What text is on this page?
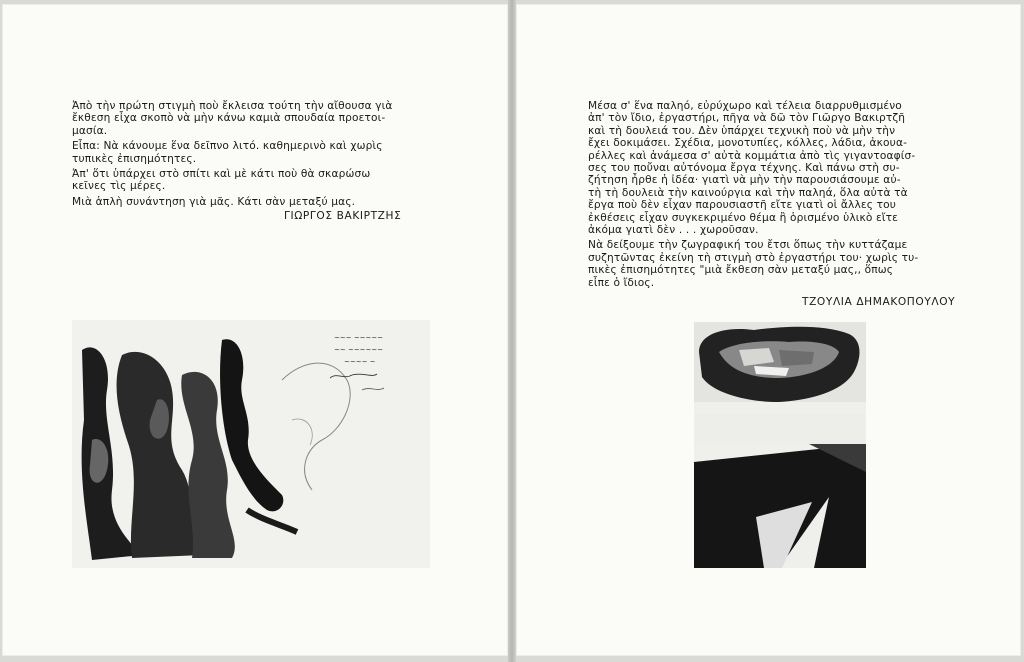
Ἀπὸ τὴν πρώτη στιγμὴ ποὺ ἔκλεισα τούτη τὴν αἴθουσα γιὰ
ἔκθεση εἶχα σκοπὸ νὰ μὴν κάνω καμιὰ σπουδαία προετοι-
μασία.

Εἶπα: Νὰ κάνουμε ἕνα δεῖπνο λιτό. καθημερινὸ καὶ χωρὶς
τυπικὲς ἐπισημότητες.

Ἀπ' ὅτι ὑπάρχει στὸ σπίτι καὶ μὲ κάτι ποὺ θὰ σκαρώσω
κεῖνες τὶς μέρες.

Μιὰ ἁπλὴ συνάντηση γιὰ μᾶς. Κάτι σὰν μεταξύ μας.

ΓΙΩΡΓΟΣ ΒΑΚΙΡΤΖΗΣ
~~~ ~~~~~
~~ ~~~~~~
~~~~ ~

Μέσα σ' ἕνα παληό, εὐρύχωρο καὶ τέλεια διαρρυθμισμένο
ἀπ' τὸν ἴδιο, ἐργαστήρι, πῆγα νὰ δῶ τὸν Γιῶργο Βακιρτζῆ
καὶ τὴ δουλειά του. Δὲν ὑπάρχει τεχνικὴ ποὺ νὰ μὴν τὴν
ἔχει δοκιμάσει. Σχέδια, μονοτυπίες, κόλλες, λάδια, ἀκουα-
ρέλλες καὶ ἀνάμεσα σ' αὐτὰ κομμάτια ἀπὸ τὶς γιγαντοαφίσ-
σες του ποὔναι αὐτόνομα ἔργα τέχνης. Καὶ πάνω στὴ συ-
ζήτηση ἦρθε ἡ ἰδέα· γιατὶ νὰ μὴν τὴν παρουσιάσουμε αὐ-
τὴ τὴ δουλειὰ τὴν καινούργια καὶ τὴν παληά, ὅλα αὐτὰ τὰ
ἔργα ποὺ δὲν εἶχαν παρουσιαστῆ εἴτε γιατὶ οἱ ἄλλες του
ἐκθέσεις εἶχαν συγκεκριμένο θέμα ἢ ὁρισμένο ὑλικὸ εἴτε
ἀκόμα γιατὶ δὲν . . . χωροῦσαν.

Νὰ δείξουμε τὴν ζωγραφική του ἔτσι ὅπως τὴν κυττάζαμε
συζητῶντας ἐκείνη τὴ στιγμὴ στὸ ἐργαστήρι του· χωρὶς τυ-
πικὲς ἐπισημότητες "μιὰ ἔκθεση σὰν μεταξύ μας,, ὅπως
εἶπε ὁ ἴδιος.

ΤΖΟΥΛΙΑ ΔΗΜΑΚΟΠΟΥΛΟΥ
